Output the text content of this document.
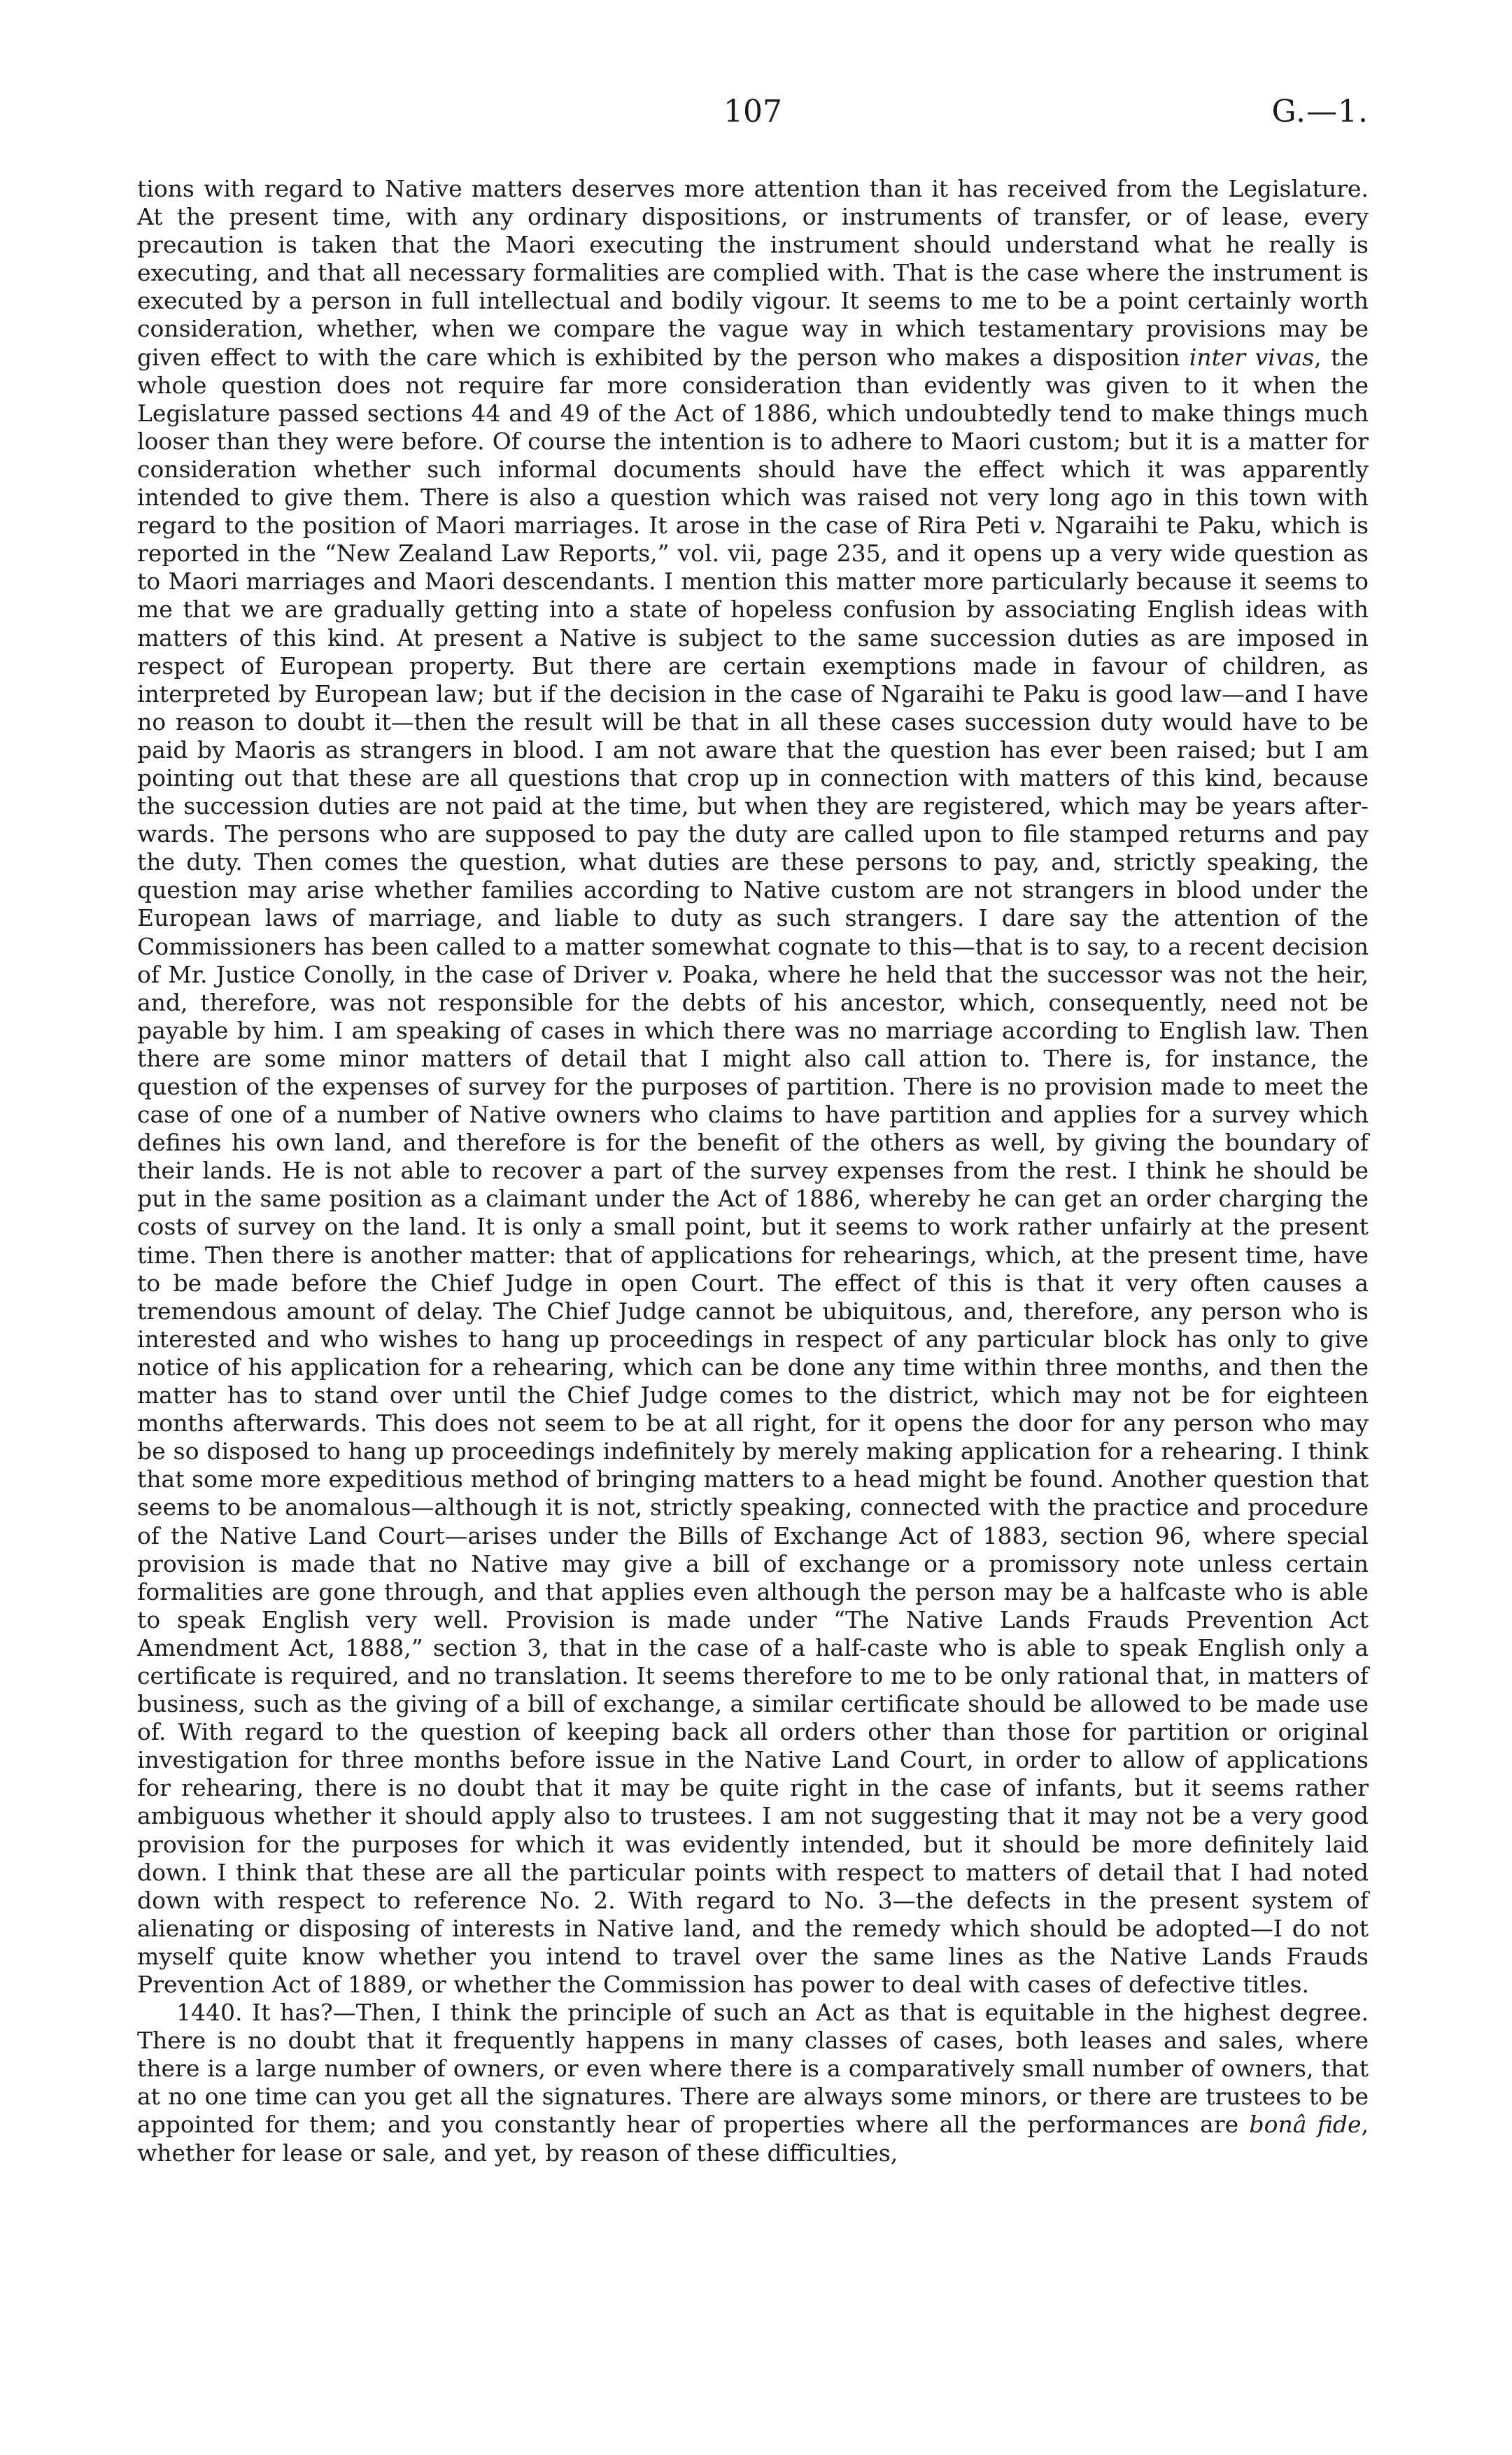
107	G.—1.

tions with regard to Native matters deserves more attention than it has received from the Legislature. At the present time, with any ordinary dispositions, or instruments of transfer, or of lease, every precaution is taken that the Maori executing the instrument should understand what he really is executing, and that all necessary formalities are complied with. That is the case where the instrument is executed by a person in full intellectual and bodily vigour. It seems to me to be a point certainly worth consideration, whether, when we compare the vague way in which testamentary provisions may be given effect to with the care which is exhibited by the person who makes a disposition inter vivas, the whole question does not require far more consideration than evidently was given to it when the Legislature passed sections 44 and 49 of the Act of 1886, which undoubtedly tend to make things much looser than they were before. Of course the intention is to adhere to Maori custom; but it is a matter for consideration whether such informal documents should have the effect which it was apparently intended to give them. There is also a question which was raised not very long ago in this town with regard to the position of Maori marriages. It arose in the case of Rira Peti v. Ngaraihi te Paku, which is reported in the “New Zealand Law Reports,” vol. vii, page 235, and it opens up a very wide question as to Maori marriages and Maori descendants. I mention this matter more particularly because it seems to me that we are gradually getting into a state of hopeless confusion by associating English ideas with matters of this kind. At present a Native is subject to the same succession duties as are imposed in respect of European property. But there are certain exemptions made in favour of children, as interpreted by European law; but if the decision in the case of Ngaraihi te Paku is good law—and I have no reason to doubt it—then the result will be that in all these cases succession duty would have to be paid by Maoris as strangers in blood. I am not aware that the question has ever been raised; but I am pointing out that these are all questions that crop up in connection with matters of this kind, because the succession duties are not paid at the time, but when they are registered, which may be years afterwards. The persons who are supposed to pay the duty are called upon to file stamped returns and pay the duty. Then comes the question, what duties are these persons to pay, and, strictly speaking, the question may arise whether families according to Native custom are not strangers in blood under the European laws of marriage, and liable to duty as such strangers. I dare say the attention of the Commissioners has been called to a matter somewhat cognate to this—that is to say, to a recent decision of Mr. Justice Conolly, in the case of Driver v. Poaka, where he held that the successor was not the heir, and, therefore, was not responsible for the debts of his ancestor, which, consequently, need not be payable by him. I am speaking of cases in which there was no marriage according to English law. Then there are some minor matters of detail that I might also call attion to. There is, for instance, the question of the expenses of survey for the purposes of partition. There is no provision made to meet the case of one of a number of Native owners who claims to have partition and applies for a survey which defines his own land, and therefore is for the benefit of the others as well, by giving the boundary of their lands. He is not able to recover a part of the survey expenses from the rest. I think he should be put in the same position as a claimant under the Act of 1886, whereby he can get an order charging the costs of survey on the land. It is only a small point, but it seems to work rather unfairly at the present time. Then there is another matter: that of applications for rehearings, which, at the present time, have to be made before the Chief Judge in open Court. The effect of this is that it very often causes a tremendous amount of delay. The Chief Judge cannot be ubiquitous, and, therefore, any person who is interested and who wishes to hang up proceedings in respect of any particular block has only to give notice of his application for a rehearing, which can be done any time within three months, and then the matter has to stand over until the Chief Judge comes to the district, which may not be for eighteen months afterwards. This does not seem to be at all right, for it opens the door for any person who may be so disposed to hang up proceedings indefinitely by merely making application for a rehearing. I think that some more expeditious method of bringing matters to a head might be found. Another question that seems to be anomalous—although it is not, strictly speaking, connected with the practice and procedure of the Native Land Court—arises under the Bills of Exchange Act of 1883, section 96, where special provision is made that no Native may give a bill of exchange or a promissory note unless certain formalities are gone through, and that applies even although the person may be a halfcaste who is able to speak English very well. Provision is made under “The Native Lands Frauds Prevention Act Amendment Act, 1888,” section 3, that in the case of a half-caste who is able to speak English only a certificate is required, and no translation. It seems therefore to me to be only rational that, in matters of business, such as the giving of a bill of exchange, a similar certificate should be allowed to be made use of. With regard to the question of keeping back all orders other than those for partition or original investigation for three months before issue in the Native Land Court, in order to allow of applications for rehearing, there is no doubt that it may be quite right in the case of infants, but it seems rather ambiguous whether it should apply also to trustees. I am not suggesting that it may not be a very good provision for the purposes for which it was evidently intended, but it should be more definitely laid down. I think that these are all the particular points with respect to matters of detail that I had noted down with respect to reference No. 2. With regard to No. 3—the defects in the present system of alienating or disposing of interests in Native land, and the remedy which should be adopted—I do not myself quite know whether you intend to travel over the same lines as the Native Lands Frauds Prevention Act of 1889, or whether the Commission has power to deal with cases of defective titles.

1440. It has?—Then, I think the principle of such an Act as that is equitable in the highest degree. There is no doubt that it frequently happens in many classes of cases, both leases and sales, where there is a large number of owners, or even where there is a comparatively small number of owners, that at no one time can you get all the signatures. There are always some minors, or there are trustees to be appointed for them; and you constantly hear of properties where all the performances are bonâ fide, whether for lease or sale, and yet, by reason of these difficulties,
